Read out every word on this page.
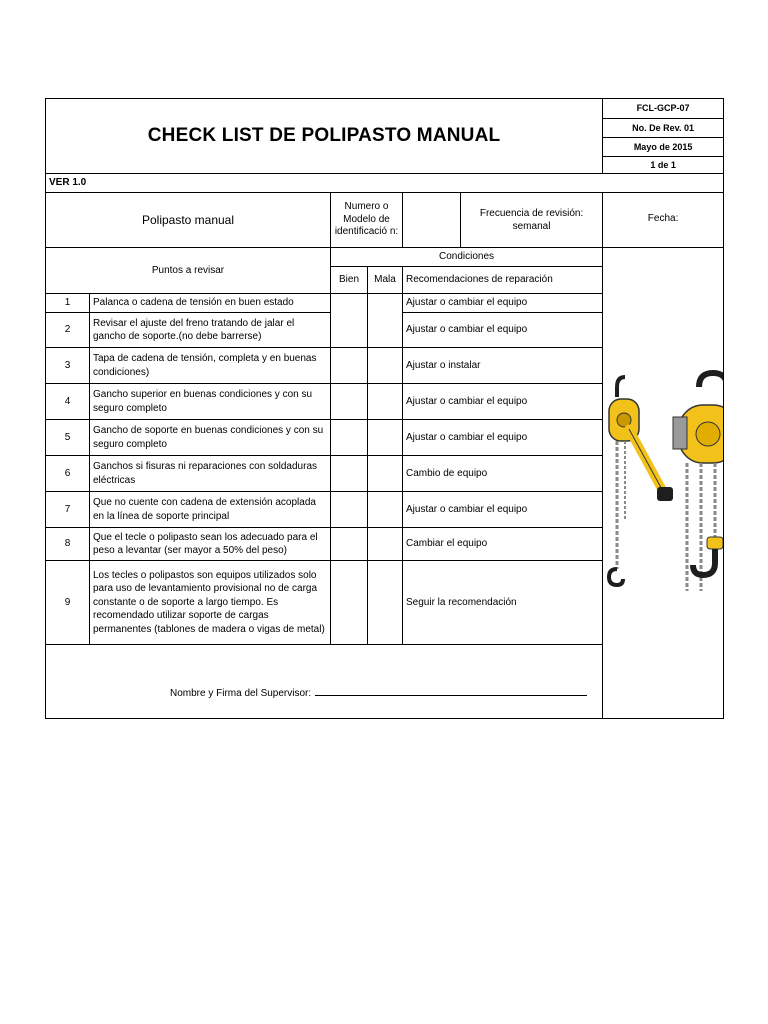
CHECK LIST DE POLIPASTO MANUAL						FCL-GCP-07
						No. De Rev. 01
						Mayo de 2015
						1 de 1
VER 1.0						
Polipasto manual		Numero o Modelo de identificació n:			Frecuencia de revisión: semanal	Fecha:
Puntos a revisar		Condiciones	
		Bien	Mala	Recomendaciones de reparación		
1	Palanca o cadena de tensión en buen estado			Ajustar o cambiar el equipo		
2	Revisar el ajuste del freno tratando de jalar el gancho de soporte.(no debe barrerse)			Ajustar o cambiar el equipo		
3	Tapa de cadena de tensión, completa y en buenas condiciones)			Ajustar o instalar		
4	Gancho superior en buenas condiciones y con su seguro completo			Ajustar o cambiar el equipo		
5	Gancho de soporte en buenas condiciones y con su seguro completo			Ajustar o cambiar el equipo		
6	Ganchos si fisuras ni reparaciones con soldaduras eléctricas			Cambio de equipo		
7	Que no cuente con cadena de extensión acoplada en la línea de soporte principal			Ajustar o cambiar el equipo		
8	Que el tecle o polipasto sean los adecuado para el peso a levantar (ser mayor a 50% del peso)			Cambiar el equipo		
9	Los tecles o polipastos son equipos utilizados solo para uso de levantamiento provisional no de carga constante o de soporte a largo tiempo. Es recomendado utilizar soporte de cargas permanentes (tablones de madera o vigas de metal)			Seguir la recomendación		
Nombre y Firma del Supervisor:						
